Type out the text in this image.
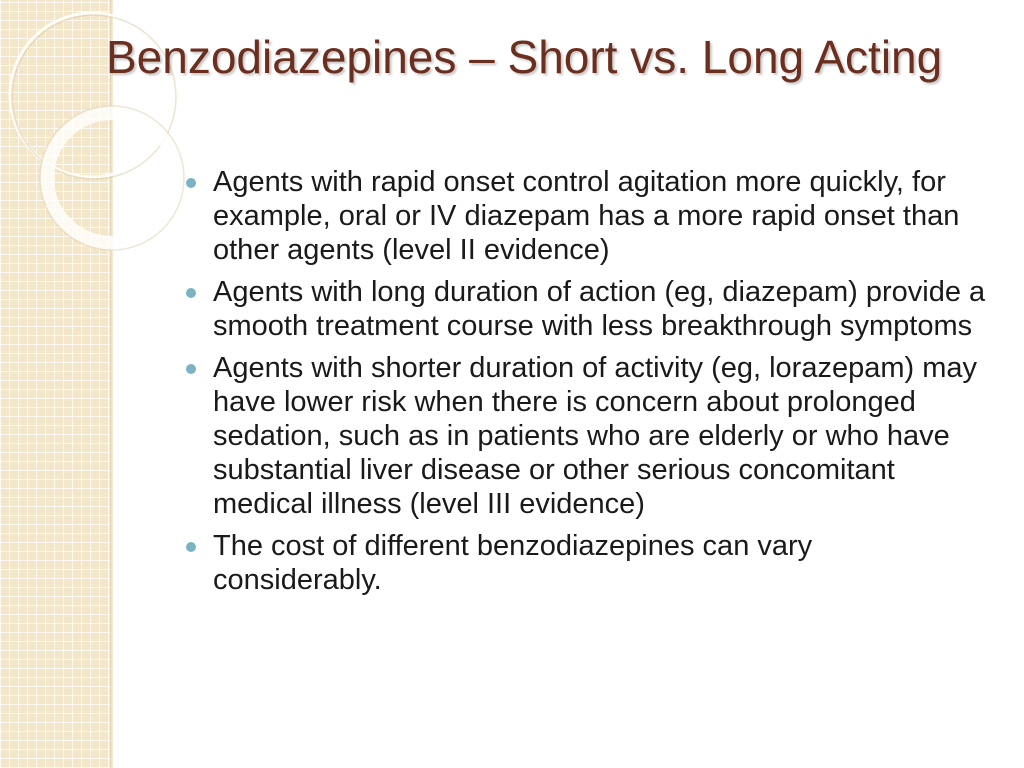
Benzodiazepines – Short vs. Long Acting
Agents with rapid onset control agitation more quickly, for example, oral or IV diazepam has a more rapid onset than other agents (level II evidence)
Agents with long duration of action (eg, diazepam) provide a smooth treatment course with less breakthrough symptoms
Agents with shorter duration of activity (eg, lorazepam) may have lower risk when there is concern about prolonged sedation, such as in patients who are elderly or who have substantial liver disease or other serious concomitant medical illness (level III evidence)
The cost of different benzodiazepines can vary considerably.
